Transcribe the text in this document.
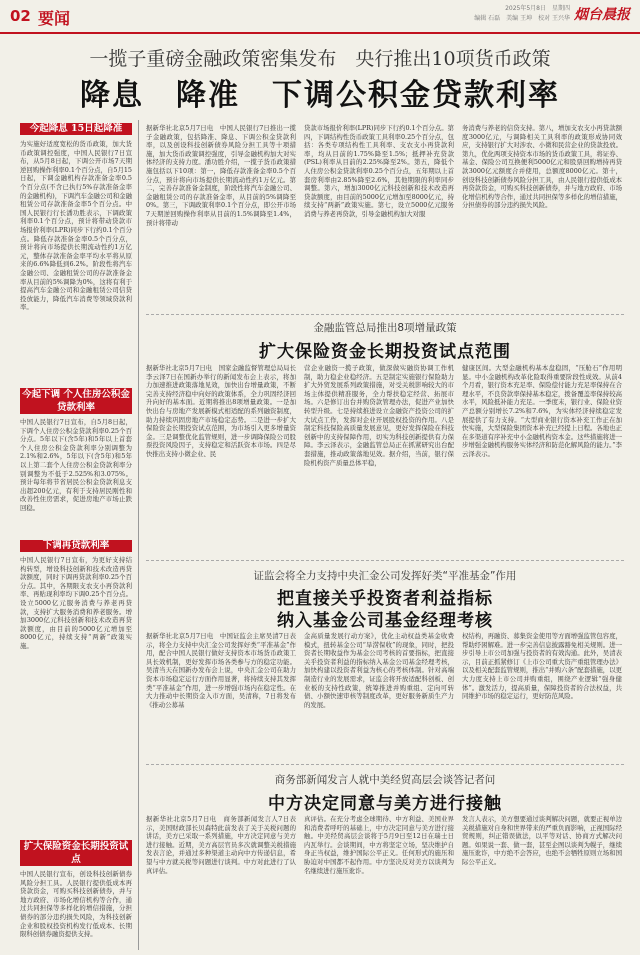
02 要闻
2025年5月8日　星期四
编辑 石磊　美编 王坤　校对 王兴华 烟台晨报
一揽子重磅金融政策密集发布　央行推出10项货币政策
降息　降准　下调公积金贷款利率
今起降息 15日起降准
为实施好适度宽松的货币政策，加大货币政策调控强度，中国人民银行7日宣布，从5月8日起，下调公开市场7天期逆回购操作利率0.1个百分点，自5月15日起，下调金融机构存款准备金率0.5个百分点(不含已执行5%存款准备金率的金融机构)，下调汽车金融公司和金融租赁公司存款准备金率5个百分点。中国人民银行行长潘功胜表示，下调政策利率0.1个百分点，预计将带动贷款市场报价利率(LPR)同步下行约0.1个百分点。降低存款准备金率0.5个百分点，预计将向市场提供长期流动性约1万亿元，整体存款准备金率平均水平将从原来的6.6%降低到6.2%。阶段性将汽车金融公司、金融租赁公司的存款准备金率从目前的5%调降为0%，这将有利于提高汽车金融公司和金融租赁公司信贷投放能力，降低汽车消费等领域贷款利率。
今起下调 个人住房公积金贷款利率
中国人民银行7日宣布，自5月8日起，下调个人住房公积金贷款利率0.25个百分点。5年以下(含5年)和5年以上首套个人住房公积金贷款利率分别调整为2.1%和2.6%，5年以下(含5年)和5年以上第二套个人住房公积金贷款利率分别调整为不低于2.525%和3.075%。预计每年将节省居民公积金贷款利息支出超200亿元，有利于支持居民刚性和改善性住房需求，促进房地产市场止跌回稳。
下调再贷款利率
中国人民银行7日宣布，为更好支持结构转型，增设科技创新和技术改造再贷款额度，同时下调再贷款利率0.25个百分点。其中，各期限支农支小再贷款利率、再贴现利率均下调0.25个百分点。设立5000亿元服务消费与养老再贷款，支持扩大服务消费和养老服务。增加3000亿元科技创新和技术改造再贷款额度，由目前的5000亿元增加至8000亿元，持续支持“两新”政策实施。
扩大保险资金长期投资试点
中国人民银行宣布，创设科技创新债券风险分担工具。人民银行提供低成本再贷款资金，可购买科技创新债券，并与地方政府、市场化增信机构等合作，通过共同担保等多样化的增信措施，分担债券的部分违约损失风险，为科技创新企业和股权投资机构发行低成本、长期限科创债券融资提供支持。
据新华社北京5月7日电　中国人民银行7日推出一揽子金融政策，包括降准、降息、下调公积金贷款利率，以及创设科技创新债券风险分担工具等十项措施，加大货币政策调控强度，引导金融机构加大对实体经济的支持力度。潘功胜介绍，一揽子货币政策措施包括以下10项：第一，降低存款准备金率0.5个百分点，预计将向市场提供长期流动性约1万亿元。第二，完善存款准备金制度，阶段性将汽车金融公司、金融租赁公司的存款准备金率，从目前的5%调降至0%。第三，下调政策利率0.1个百分点，即公开市场7天期逆回购操作利率从目前的1.5%调降至1.4%，预计将带动
贷款市场报价利率(LPR)同步下行约0.1个百分点。第四，下调结构性货币政策工具利率0.25个百分点，包括：各类专项结构性工具利率、支农支小再贷款利率，均从目前的1.75%降至1.5%；抵押补充贷款(PSL)利率从目前的2.25%降至2%。第五，降低个人住房公积金贷款利率0.25个百分点，五年期以上首套房利率由2.85%降至2.6%，其他期限的利率同步调整。第六，增加3000亿元科技创新和技术改造再贷款额度，由目前的5000亿元增加至8000亿元，持续支持“两新”政策实施。第七，设立5000亿元服务消费与养老再贷款，引导金融机构加大对服
务消费与养老的信贷支持。第八，增加支农支小再贷款额度3000亿元，与调降相关工具利率的政策形成协同效应，支持银行扩大对涉农、小微和民营企业的贷款投放。第九，优化两项支持资本市场的货币政策工具，将证券、基金、保险公司互换便利5000亿元和股票回购增持再贷款3000亿元额度合并使用，总额度8000亿元。第十，创设科技创新债券风险分担工具，由人民银行提供低成本再贷款资金，可购买科技创新债券，并与地方政府、市场化增信机构等合作，通过共同担保等多样化的增信措施，分担债券的部分违约损失风险。
金融监管总局推出8项增量政策
扩大保险资金长期投资试点范围
据新华社北京5月7日电　国家金融监督管理总局局长李云泽7日在国新办举行的新闻发布会上表示，将加力加速推进政策落地见效，加快出台增量政策，不断完善支持经济稳中向好的政策体系，全力巩固经济回升向好的基本面。近期将推出8项增量政策。一是加快出台与房地产发展新模式相适配的系列融资制度，助力持续巩固房地产市场稳定态势。二是进一步扩大保险资金长期投资试点范围，为市场引入更多增量资金。三是调整优化监管规则，进一步调降保险公司股票投资风险因子，支持稳定和活跃资本市场。四是尽快推出支持小微企业、民
营企业融资一揽子政策，做深做实融资协调工作机制，助力稳企业稳经济。五是制定实施银行保险助力扩大外贸发展系列政策措施，对受关税影响较大的市场主体提供精准服务，全力帮扶稳定经营、拓展市场。六是修订出台并购贷款管理办法，促进产业加快转型升级。七是持续推进设立金融资产投资公司的扩大试点工作，发挥对企业开展股权投资的作用。八是制定科技保险高质量发展意见，更好发挥保险在科技创新中的支持保障作用，切实为科技创新提供有力保障。李云泽表示，金融监管总局正在抓紧研究出台配套措施，推动政策落地见效。据介绍，当前，银行保险机构资产质量总体平稳，
健康区间。大型金融机构基本盘稳固，“压舱石”作用明显。中小金融机构改革化险取得重要阶段性成效。从前4个月看，银行资本充足率、保险偿付能力充足率保持在合理水平，不良贷款率保持基本稳定，拨备覆盖率保持较高水平，风险抵补能力充足。一季度末，银行业、保险业资产总额分别增长7.2%和7.6%，为实体经济持续稳定发展提供了有力支持。“大型商业银行资本补充工作正在加快实施，大型保险集团资本补充已经提上日程。各地也正在多渠道有序补充中小金融机构资本金。这些措施将进一步增强金融机构服务实体经济和防范化解风险的能力。”李云泽表示。
证监会将全力支持中央汇金公司发挥好类“平准基金”作用
把直接关乎投资者利益指标
纳入基金公司基金经理考核
据新华社北京5月7日电　中国证监会主席吴清7日表示，将全力支持中央汇金公司发挥好类“平准基金”作用，配合中国人民银行做好支持资本市场货币政策工具长效机制，更好发挥市场各类参与方的稳定功能。吴清当天在国新办发布会上说，中央汇金公司在助力资本市场稳定运行方面作用显著，将持续支持其发挥类“平准基金”作用，进一步增强市场内在稳定性。在大力推动中长期资金入市方面，吴清称，7日将发布《推动公募基
金高质量发展行动方案》，优化主动权益类基金收费模式，扭转基金公司“旱涝保收”的现象，同时，把投资者长期收益作为基金公司考核的首要指标，把直接关乎投资者利益的指标纳入基金公司基金经理考核，加快构建以投资者利益为核心的考核体制。针对高端制造行业的发展需求，证监会将开放适配科创板、创业板的支持性政策，统筹推进并购重组、定向可转债、小额快速审核等制度改革，更好服务新质生产力的发展。
权结构，再融资、募集资金使用等方面增强监管包容度，帮助纾困解难。进一步完善信息披露豁免相关规则。进一步引导上市公司加强与投资者的有效沟通。此外，吴清表示，目前正抓紧修订《上市公司重大资产重组管理办法》以及相关配套监管规则，推出“并购六条”配套措施，以更大力度支持上市公司并购重组，围绕产业逻辑“强身健体”。激发活力，提高质量，保障投资者的合法权益，共同维护市场的稳定运行，更好防范风险。
商务部新闻发言人就中美经贸高层会谈答记者问
中方决定同意与美方进行接触
据新华社北京5月7日电　商务部新闻发言人7日表示，美国财政部长贝森特此前发表了关于关税问题的讲话，美方已采取一系列措施，中方决定同意与美方进行接触。近期，美方高层官员多次就调整关税措施发表言论，并通过多种渠道主动向中方传递信息，希望与中方就关税等问题进行谈判。中方对此进行了认真评估。
真评估。在充分考虑全球期待、中方利益、美国业界和消费者呼吁的基础上，中方决定同意与美方进行接触。中美经贸高层会谈将于5月9日至12日在瑞士日内瓦举行。会谈期间，中方将坚定立场，坚决维护自身正当权益，维护国际公平正义。任何形式的施压和胁迫对中国都不起作用。中方坚决反对美方以谈判为名继续进行施压讹诈。
发言人表示，美方想要通过谈判解决问题，就要正视单边关税措施对自身和世界带来的严重负面影响，正视国际经贸规则，纠正错误做法，以平等对话、协商方式解决问题。如果说一套、做一套，甚至企图以谈判为幌子，继续施压讹诈，中方绝不会答应，也绝不会牺牲原则立场和国际公平正义。
